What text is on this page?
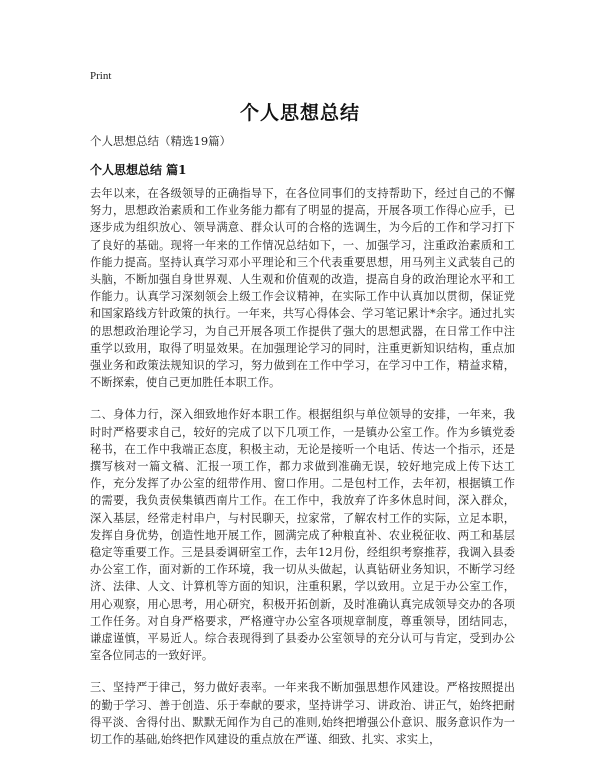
Print
个人思想总结
个人思想总结（精选19篇）
个人思想总结 篇1

去年以来，在各级领导的正确指导下，在各位同事们的支持帮助下，经过自己的不懈努力，思想政治素质和工作业务能力都有了明显的提高，开展各项工作得心应手，已逐步成为组织放心、领导满意、群众认可的合格的选调生，为今后的工作和学习打下了良好的基础。现将一年来的工作情况总结如下，一、加强学习，注重政治素质和工作能力提高。坚持认真学习邓小平理论和三个代表重要思想，用马列主义武装自己的头脑，不断加强自身世界观、人生观和价值观的改造，提高自身的政治理论水平和工作能力。认真学习深刻领会上级工作会议精神，在实际工作中认真加以贯彻，保证党和国家路线方针政策的执行。一年来，共写心得体会、学习笔记累计*余字。通过扎实的思想政治理论学习，为自己开展各项工作提供了强大的思想武器，在日常工作中注重学以致用，取得了明显效果。在加强理论学习的同时，注重更新知识结构，重点加强业务和政策法规知识的学习，努力做到在工作中学习，在学习中工作，精益求精，不断探索，使自己更加胜任本职工作。

二、身体力行，深入细致地作好本职工作。根据组织与单位领导的安排，一年来，我时时严格要求自己，较好的完成了以下几项工作，一是镇办公室工作。作为乡镇党委秘书，在工作中我端正态度，积极主动，无论是接听一个电话、传达一个指示，还是撰写核对一篇文稿、汇报一项工作，都力求做到准确无误，较好地完成上传下达工作，充分发挥了办公室的纽带作用、窗口作用。二是包村工作，去年初，根据镇工作的需要，我负责侯集镇西南片工作。在工作中，我放弃了许多休息时间，深入群众，深入基层，经常走村串户，与村民聊天，拉家常，了解农村工作的实际，立足本职，发挥自身优势，创造性地开展工作，圆满完成了种粮直补、农业税征收、两工和基层稳定等重要工作。三是县委调研室工作，去年12月份，经组织考察推荐，我调入县委办公室工作，面对新的工作环境，我一切从头做起，认真钻研业务知识，不断学习经济、法律、人文、计算机等方面的知识，注重积累，学以致用。立足于办公室工作，用心观察，用心思考，用心研究，积极开拓创新，及时准确认真完成领导交办的各项工作任务。对自身严格要求，严格遵守办公室各项规章制度，尊重领导，团结同志，谦虚谨慎，平易近人。综合表现得到了县委办公室领导的充分认可与肯定，受到办公室各位同志的一致好评。

三、坚持严于律己，努力做好表率。一年来我不断加强思想作风建设。严格按照提出的勤于学习、善于创造、乐于奉献的要求，坚持讲学习、讲政治、讲正气，始终把耐得平淡、舍得付出、默默无闻作为自己的准则,始终把增强公仆意识、服务意识作为一切工作的基础,始终把作风建设的重点放在严谨、细致、扎实、求实上，
